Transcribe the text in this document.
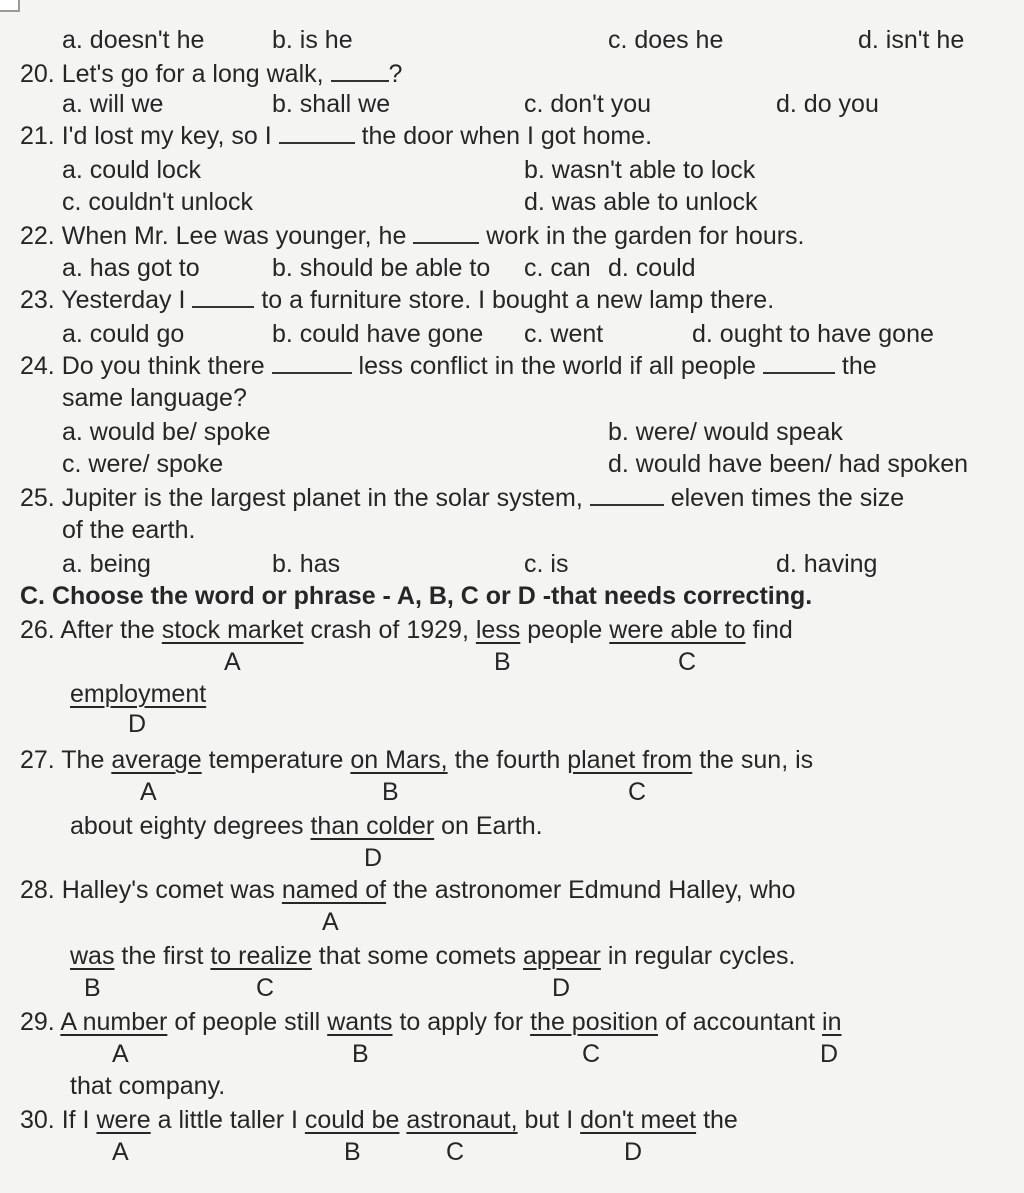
a. doesn't he	b. is he	c. does he	d. isn't he
20. Let's go for a long walk,	?
a. will we	b. shall we	c. don't you	d. do you
21. I'd lost my key, so I	the door when I got home.
a. could lock	b. wasn't able to lock
c. couldn't unlock	d. was able to unlock
22. When Mr. Lee was younger, he	work in the garden for hours.
a. has got to	b. should be able to c. can d. could
23. Yesterday I	to a furniture store. I bought a new lamp there.
a. could go	b. could have gone c. went	d. ought to have gone
24. Do you think there	less conflict in the world if all people	the
same language?
a. would be/ spoke	b. were/ would speak
c. were/ spoke	d. would have been/ had spoken
25. Jupiter is the largest planet in the solar system,	eleven times the size
of the earth.
a. being	b. has	c. is	d. having
C. Choose the word or phrase - A, B, C or D -that needs correcting.
26. After the stock market crash of 1929, less people were able to find
A	B	C
employment
D
27. The average temperature on Mars, the fourth planet from the sun, is
A	B	C
about eighty degrees than colder on Earth.
D
28. Halley's comet was named of the astronomer Edmund Halley, who
A
was the first to realize that some comets appear in regular cycles.
B	C	D
29. A number of people still wants to apply for the position of accountant in
A	B	C	D
that company.
30. If I were a little taller I could be astronaut, but I don't meet the
A	B	C	D
